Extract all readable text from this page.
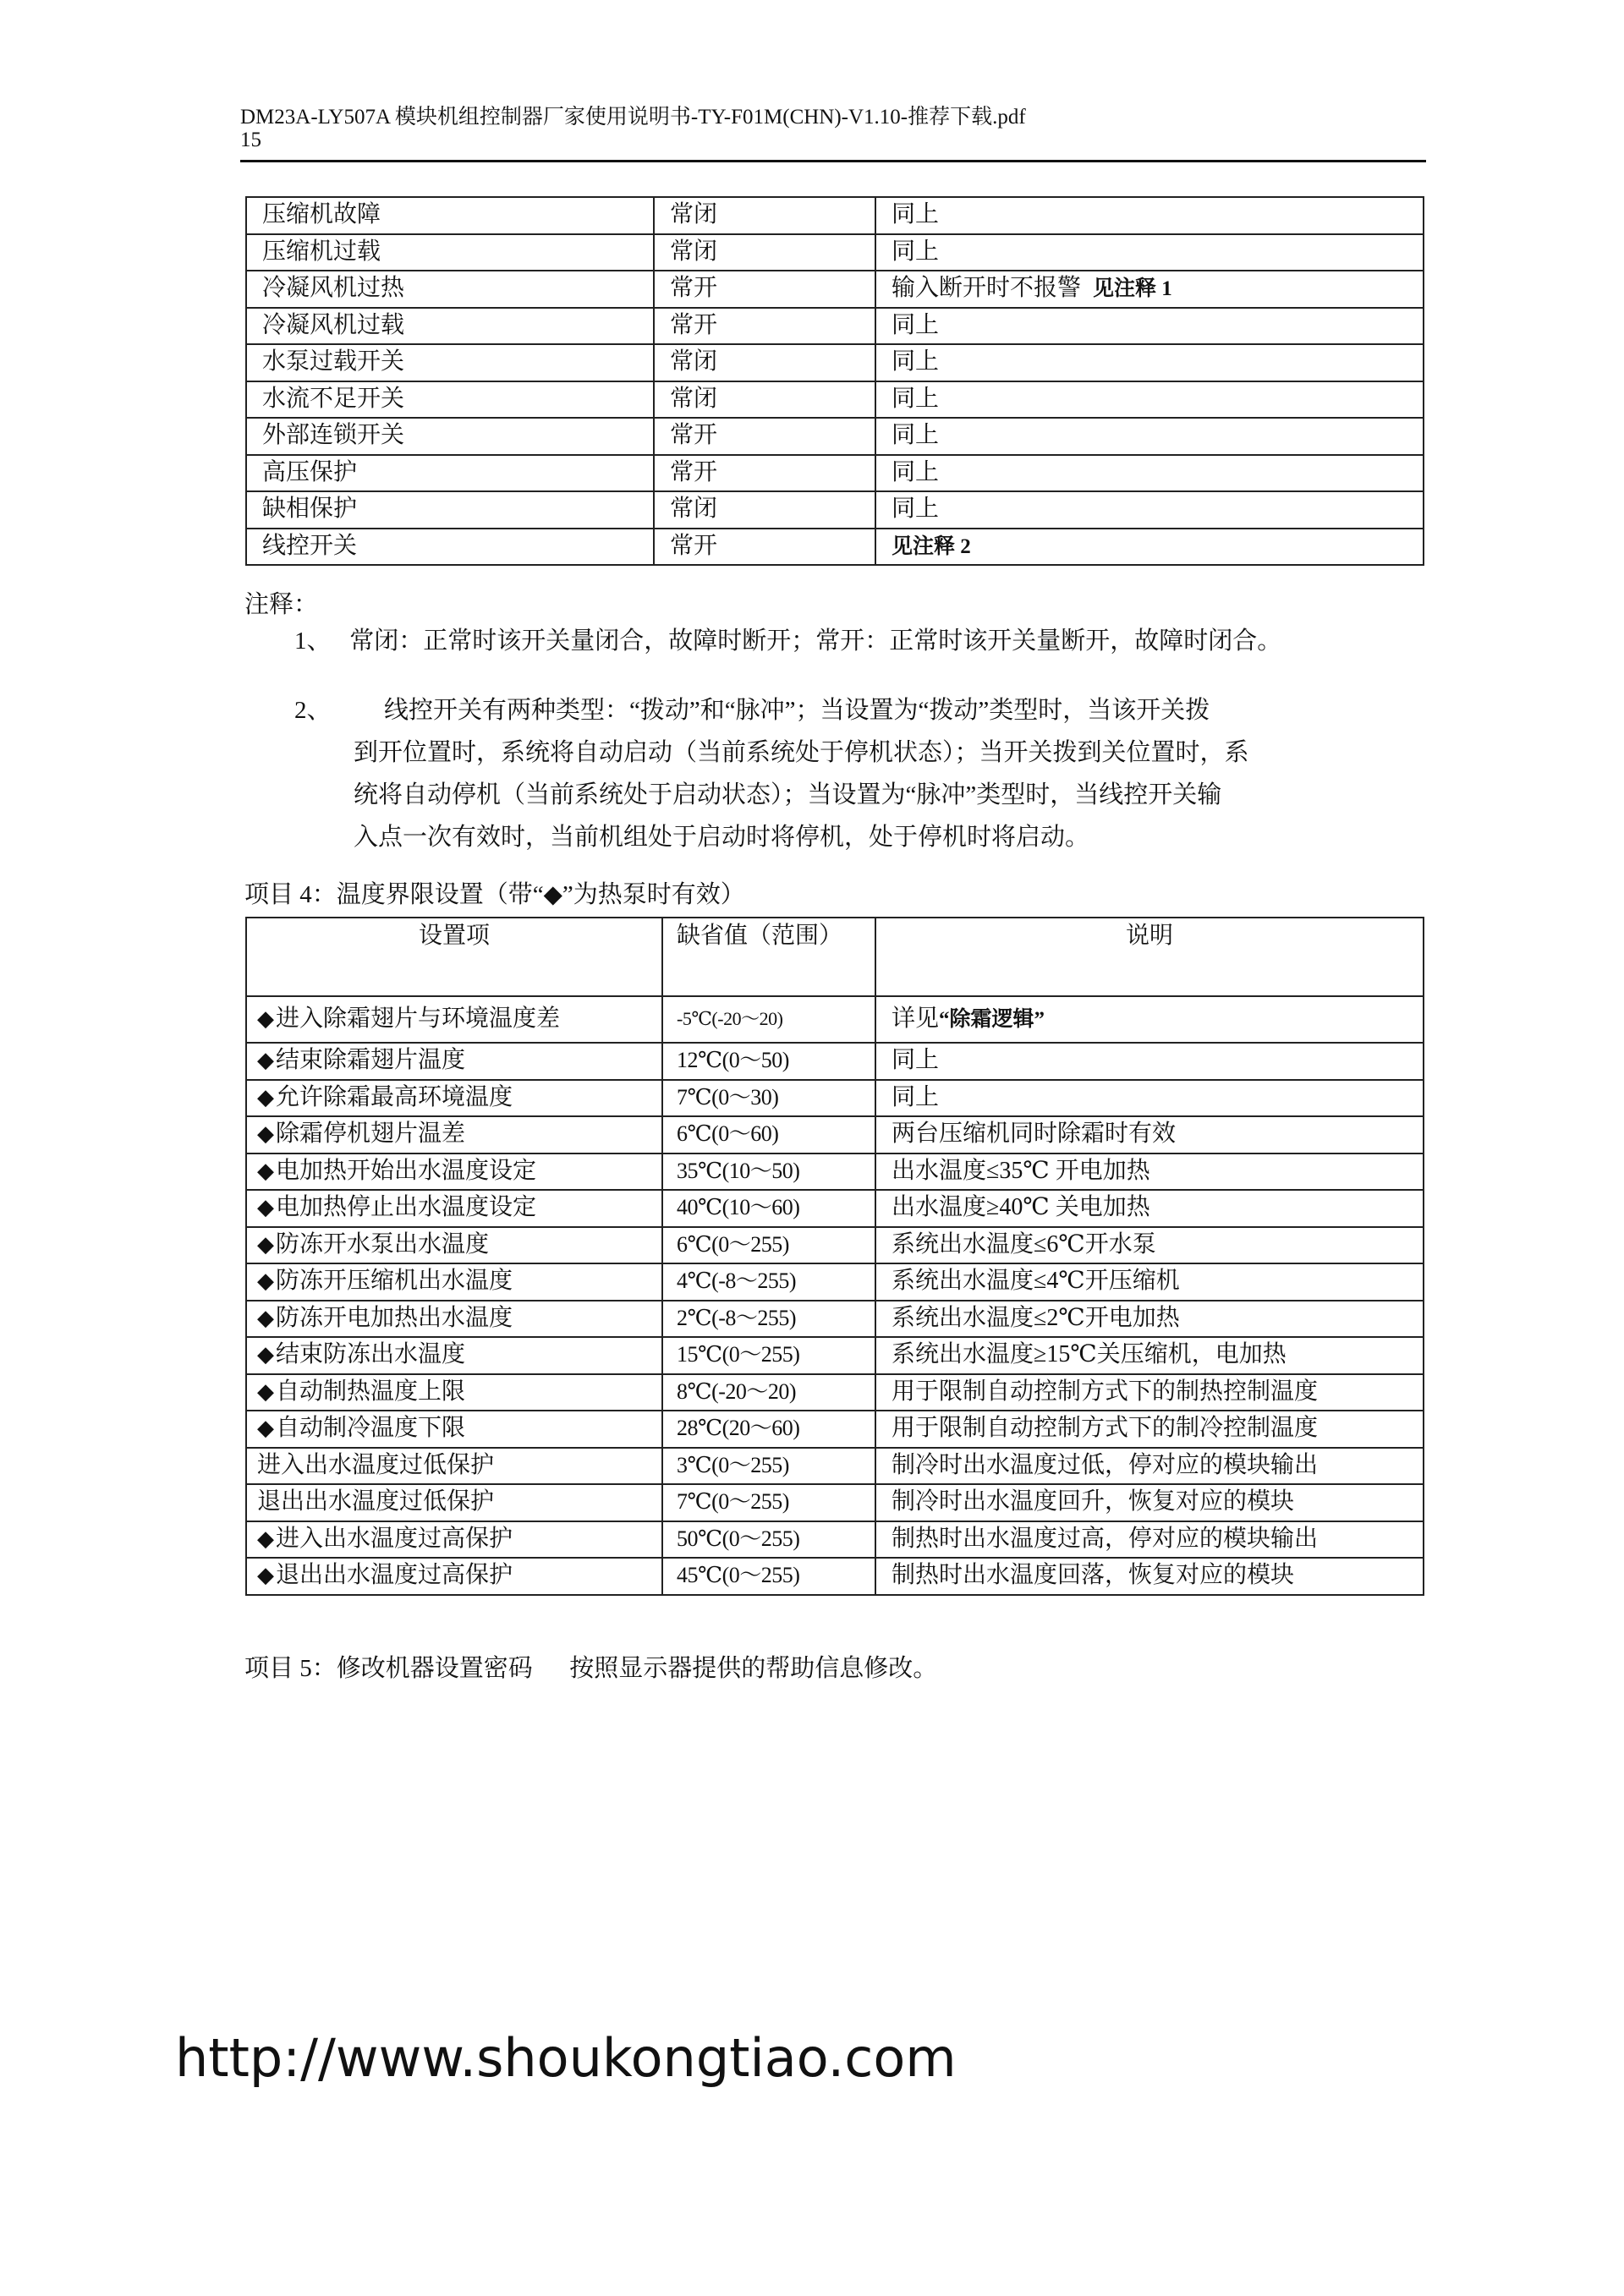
DM23A-LY507A 模块机组控制器厂家使用说明书-TY-F01M(CHN)-V1.10-推荐下载.pdf
15
压缩机故障	常闭	同上
压缩机过载	常闭	同上
冷凝风机过热	常开	输入断开时不报警 见注释 1
冷凝风机过载	常开	同上
水泵过载开关	常闭	同上
水流不足开关	常闭	同上
外部连锁开关	常开	同上
高压保护	常开	同上
缺相保护	常闭	同上
线控开关	常开	见注释 2
注释：
1、 常闭：正常时该开关量闭合，故障时断开；常开：正常时该开关量断开，故障时闭合。
2、	线控开关有两种类型：“拨动”和“脉冲”；当设置为“拨动”类型时，当该开关拨
到开位置时，系统将自动启动（当前系统处于停机状态）；当开关拨到关位置时，系
统将自动停机（当前系统处于启动状态）；当设置为“脉冲”类型时，当线控开关输
入点一次有效时，当前机组处于启动时将停机，处于停机时将启动。
项目 4：温度界限设置（带“◆”为热泵时有效）
设置项	缺省值（范围）	说明
◆进入除霜翅片与环境温度差	-5℃(-20～20)	详见“除霜逻辑”
◆结束除霜翅片温度	12℃(0～50)	同上
◆允许除霜最高环境温度	7℃(0～30)	同上
◆除霜停机翅片温差	6℃(0～60)	两台压缩机同时除霜时有效
◆电加热开始出水温度设定	35℃(10～50)	出水温度≤35℃ 开电加热
◆电加热停止出水温度设定	40℃(10～60)	出水温度≥40℃ 关电加热
◆防冻开水泵出水温度	6℃(0～255)	系统出水温度≤6℃开水泵
◆防冻开压缩机出水温度	4℃(-8～255)	系统出水温度≤4℃开压缩机
◆防冻开电加热出水温度	2℃(-8～255)	系统出水温度≤2℃开电加热
◆结束防冻出水温度	15℃(0～255)	系统出水温度≥15℃关压缩机，电加热
◆自动制热温度上限	8℃(-20～20)	用于限制自动控制方式下的制热控制温度
◆自动制冷温度下限	28℃(20～60)	用于限制自动控制方式下的制冷控制温度
进入出水温度过低保护	3℃(0～255)	制冷时出水温度过低，停对应的模块输出
退出出水温度过低保护	7℃(0～255)	制冷时出水温度回升，恢复对应的模块
◆进入出水温度过高保护	50℃(0～255)	制热时出水温度过高，停对应的模块输出
◆退出出水温度过高保护	45℃(0～255)	制热时出水温度回落，恢复对应的模块
项目 5：修改机器设置密码 按照显示器提供的帮助信息修改。
http://www.shoukongtiao.com
